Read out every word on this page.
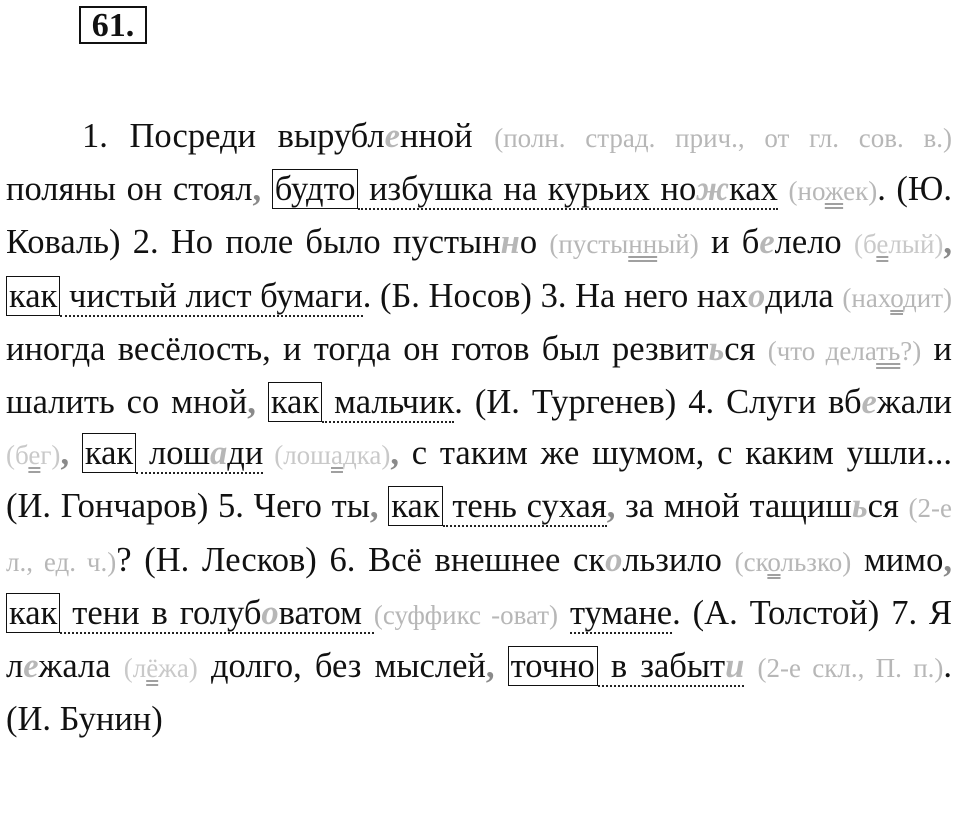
61.
1. Посреди вырубленной (полн. страд. прич., от гл. сов. в.) поляны он стоял, будто избушка на курьих ножках (ножек). (Ю. Коваль) 2. Но поле было пустынно (пустынный) и белело (белый), как чистый лист бумаги. (Б. Носов) 3. На него находила (находит) иногда весёлость, и тогда он готов был резвиться (что делать?) и шалить со мной, как мальчик. (И. Тургенев) 4. Слуги вбежали (бег), как лошади (лошадка), с таким же шумом, с каким ушли... (И. Гончаров) 5. Чего ты, как тень сухая, за мной тащишься (2-е л., ед. ч.)? (Н. Лесков) 6. Всё внешнее скользило (скользко) мимо, как тени в голубоватом (суффикс -оват) тумане. (А. Толстой) 7. Я лежала (лёжа) долго, без мыслей, точно в забыти (2-е скл., П. п.). (И. Бунин)
